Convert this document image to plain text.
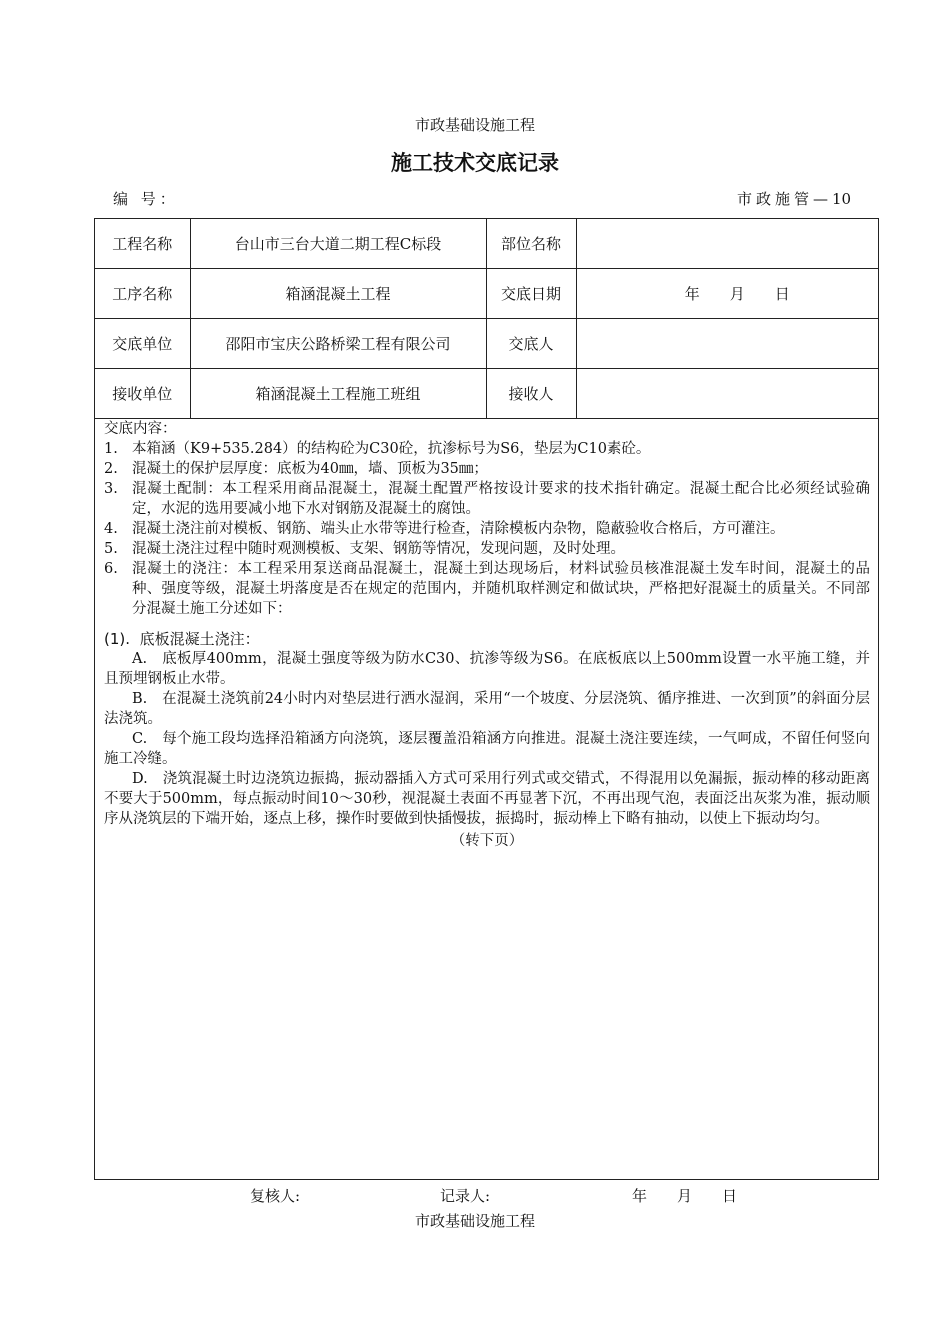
市政基础设施工程
施工技术交底记录
编 号：	市政施管—10
工程名称	台山市三台大道二期工程C标段	部位名称	
工序名称	箱涵混凝土工程	交底日期	年　　月　　日
交底单位	邵阳市宝庆公路桥梁工程有限公司	交底人	
接收单位	箱涵混凝土工程施工班组	接收人	
交底内容：
1. 本箱涵（K9+535.284）的结构砼为C30砼，抗渗标号为S6，垫层为C10素砼。
2. 混凝土的保护层厚度：底板为40㎜，墙、顶板为35㎜；
3. 混凝土配制：本工程采用商品混凝土，混凝土配置严格按设计要求的技术指针确定。混凝土配合比必须经试验确定，水泥的选用要减小地下水对钢筋及混凝土的腐蚀。
4. 混凝土浇注前对模板、钢筋、端头止水带等进行检查，清除模板内杂物，隐蔽验收合格后，方可灌注。
5. 混凝土浇注过程中随时观测模板、支架、钢筋等情况，发现问题，及时处理。
6. 混凝土的浇注：本工程采用泵送商品混凝土，混凝土到达现场后，材料试验员核准混凝土发车时间，混凝土的品种、强度等级，混凝土坍落度是否在规定的范围内，并随机取样测定和做试块，严格把好混凝土的质量关。不同部分混凝土施工分述如下：
(1). 底板混凝土浇注：
A.　底板厚400mm，混凝土强度等级为防水C30、抗渗等级为S6。在底板底以上500mm设置一水平施工缝，并且预埋钢板止水带。
B.　在混凝土浇筑前24小时内对垫层进行洒水湿润，采用“一个坡度、分层浇筑、循序推进、一次到顶”的斜面分层法浇筑。
C.　每个施工段均选择沿箱涵方向浇筑，逐层覆盖沿箱涵方向推进。混凝土浇注要连续，一气呵成，不留任何竖向施工冷缝。
D.　浇筑混凝土时边浇筑边振捣，振动器插入方式可采用行列式或交错式，不得混用以免漏振，振动棒的移动距离不要大于500mm，每点振动时间10～30秒，视混凝土表面不再显著下沉，不再出现气泡，表面泛出灰浆为准，振动顺序从浇筑层的下端开始，逐点上移，操作时要做到快插慢拔，振捣时，振动棒上下略有抽动，以使上下振动均匀。
（转下页）
复核人:	记录人:	年　　月　　日
市政基础设施工程
